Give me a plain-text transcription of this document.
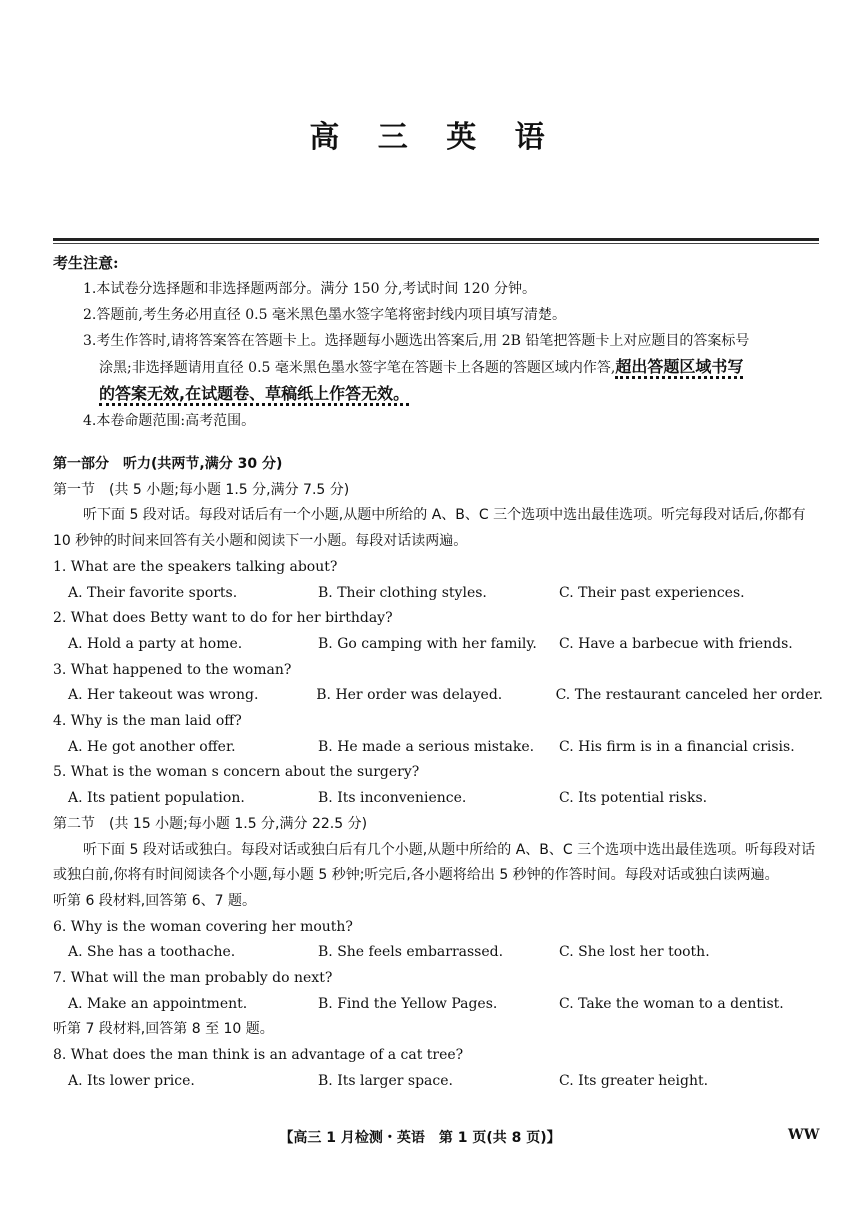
高 三 英 语
考生注意:
1.本试卷分选择题和非选择题两部分。满分 150 分,考试时间 120 分钟。
2.答题前,考生务必用直径 0.5 毫米黑色墨水签字笔将密封线内项目填写清楚。
3.考生作答时,请将答案答在答题卡上。选择题每小题选出答案后,用 2B 铅笔把答题卡上对应题目的答案标号
涂黑;非选择题请用直径 0.5 毫米黑色墨水签字笔在答题卡上各题的答题区域内作答,超出答题区域书写
的答案无效,在试题卷、草稿纸上作答无效。
4.本卷命题范围:高考范围。
第一部分　听力(共两节,满分 30 分)
第一节　(共 5 小题;每小题 1.5 分,满分 7.5 分)
听下面 5 段对话。每段对话后有一个小题,从题中所给的 A、B、C 三个选项中选出最佳选项。听完每段对话后,你都有 10 秒钟的时间来回答有关小题和阅读下一小题。每段对话读两遍。
1. What are the speakers talking about?
A. Their favorite sports.	B. Their clothing styles.	C. Their past experiences.
2. What does Betty want to do for her birthday?
A. Hold a party at home.	B. Go camping with her family.	C. Have a barbecue with friends.
3. What happened to the woman?
A. Her takeout was wrong.	B. Her order was delayed.	C. The restaurant canceled her order.
4. Why is the man laid off?
A. He got another offer.	B. He made a serious mistake.	C. His firm is in a financial crisis.
5. What is the woman s concern about the surgery?
A. Its patient population.	B. Its inconvenience.	C. Its potential risks.
第二节　(共 15 小题;每小题 1.5 分,满分 22.5 分)
听下面 5 段对话或独白。每段对话或独白后有几个小题,从题中所给的 A、B、C 三个选项中选出最佳选项。听每段对话或独白前,你将有时间阅读各个小题,每小题 5 秒钟;听完后,各小题将给出 5 秒钟的作答时间。每段对话或独白读两遍。
听第 6 段材料,回答第 6、7 题。
6. Why is the woman covering her mouth?
A. She has a toothache.	B. She feels embarrassed.	C. She lost her tooth.
7. What will the man probably do next?
A. Make an appointment.	B. Find the Yellow Pages.	C. Take the woman to a dentist.
听第 7 段材料,回答第 8 至 10 题。
8. What does the man think is an advantage of a cat tree?
A. Its lower price.	B. Its larger space.	C. Its greater height.
【高三 1 月检测・英语　第 1 页(共 8 页)】	WW
